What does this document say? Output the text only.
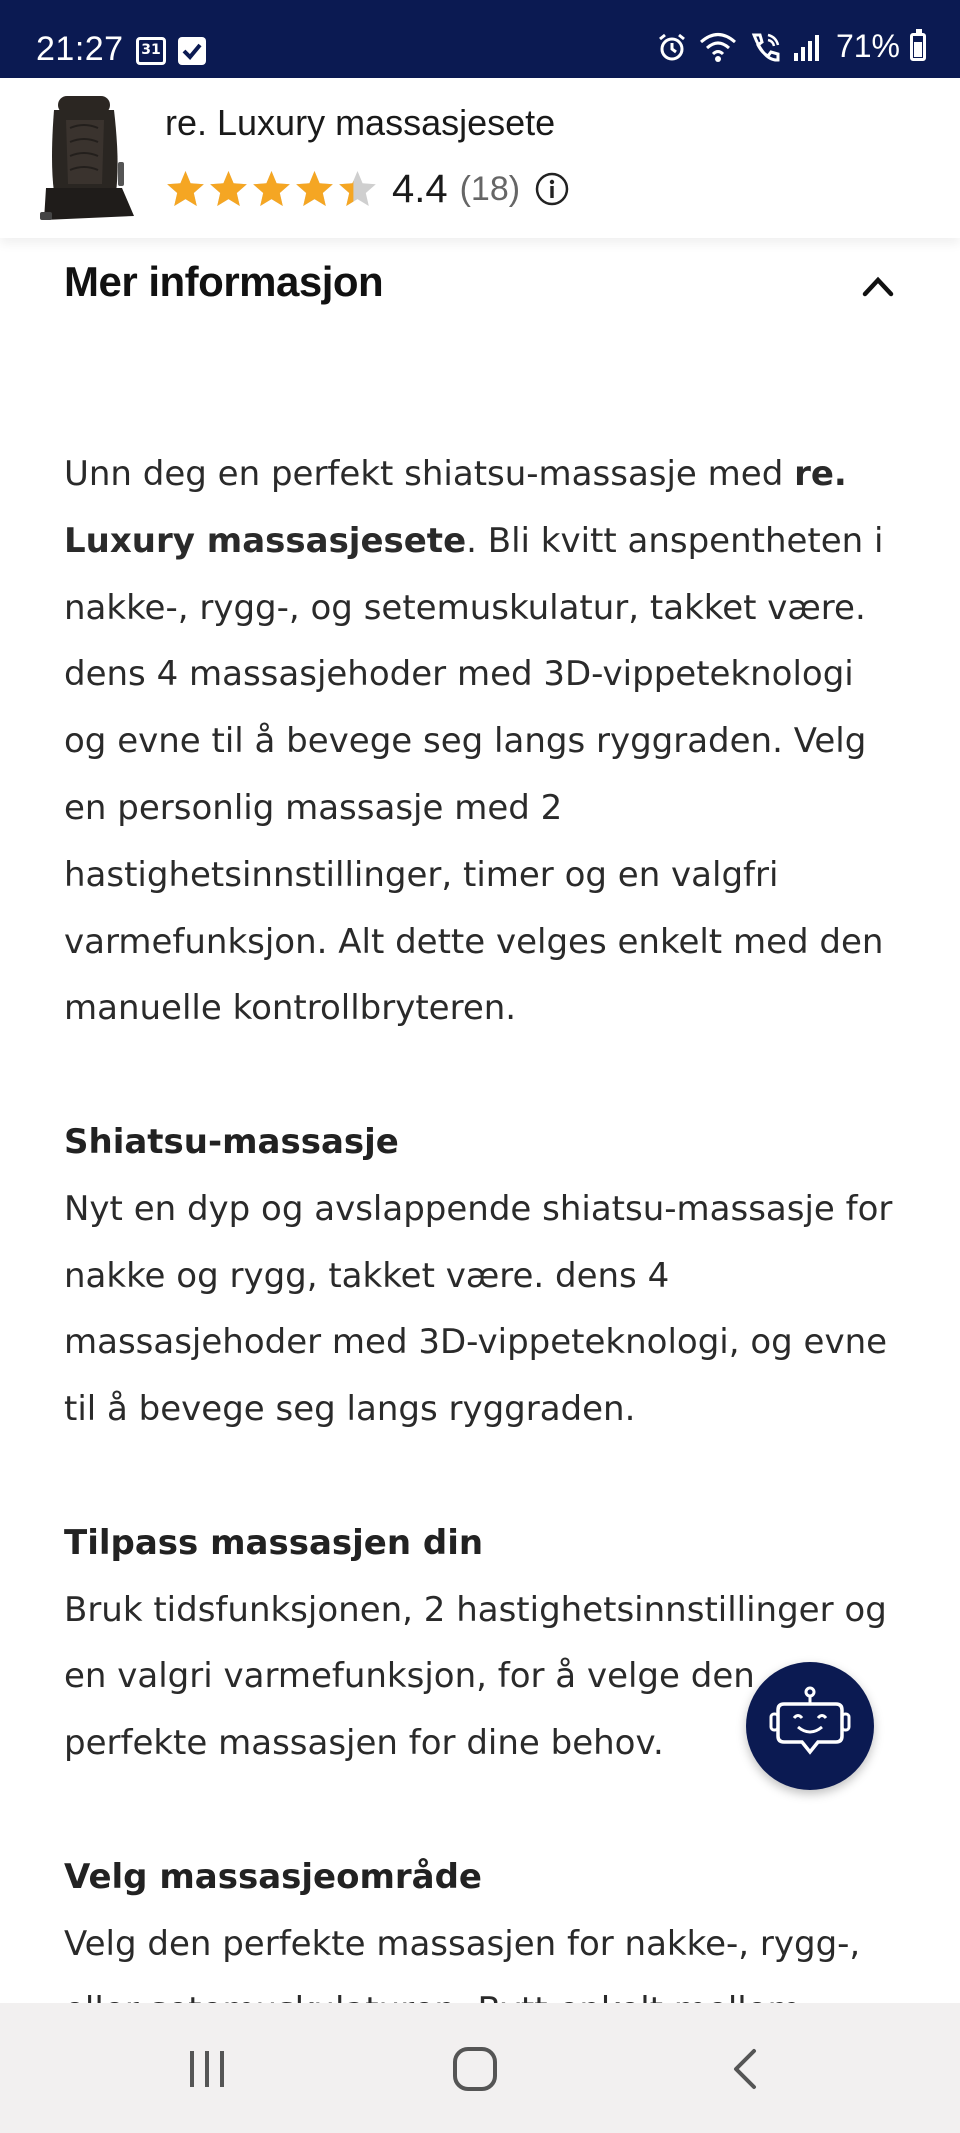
21:27	31	71%
re. Luxury massasjesete
4.4 (18)
Mer informasjon

Unn deg en perfekt shiatsu-massasje med re. Luxury massasjesete. Bli kvitt anspentheten i nakke-, rygg-, og setemuskulatur, takket være. dens 4 massasjehoder med 3D-vippeteknologi og evne til å bevege seg langs ryggraden. Velg en personlig massasje med 2 hastighetsinnstillinger, timer og en valgfri varmefunksjon. Alt dette velges enkelt med den manuelle kontrollbryteren.

Shiatsu-massasje

Nyt en dyp og avslappende shiatsu-massasje for nakke og rygg, takket være. dens 4 massasjehoder med 3D-vippeteknologi, og evne til å bevege seg langs ryggraden.

Tilpass massasjen din

Bruk tidsfunksjonen, 2 hastighetsinnstillinger og en valgri varmefunksjon, for å velge den perfekte massasjen for dine behov.

Velg massasjeområde

Velg den perfekte massasjen for nakke-, rygg-,
